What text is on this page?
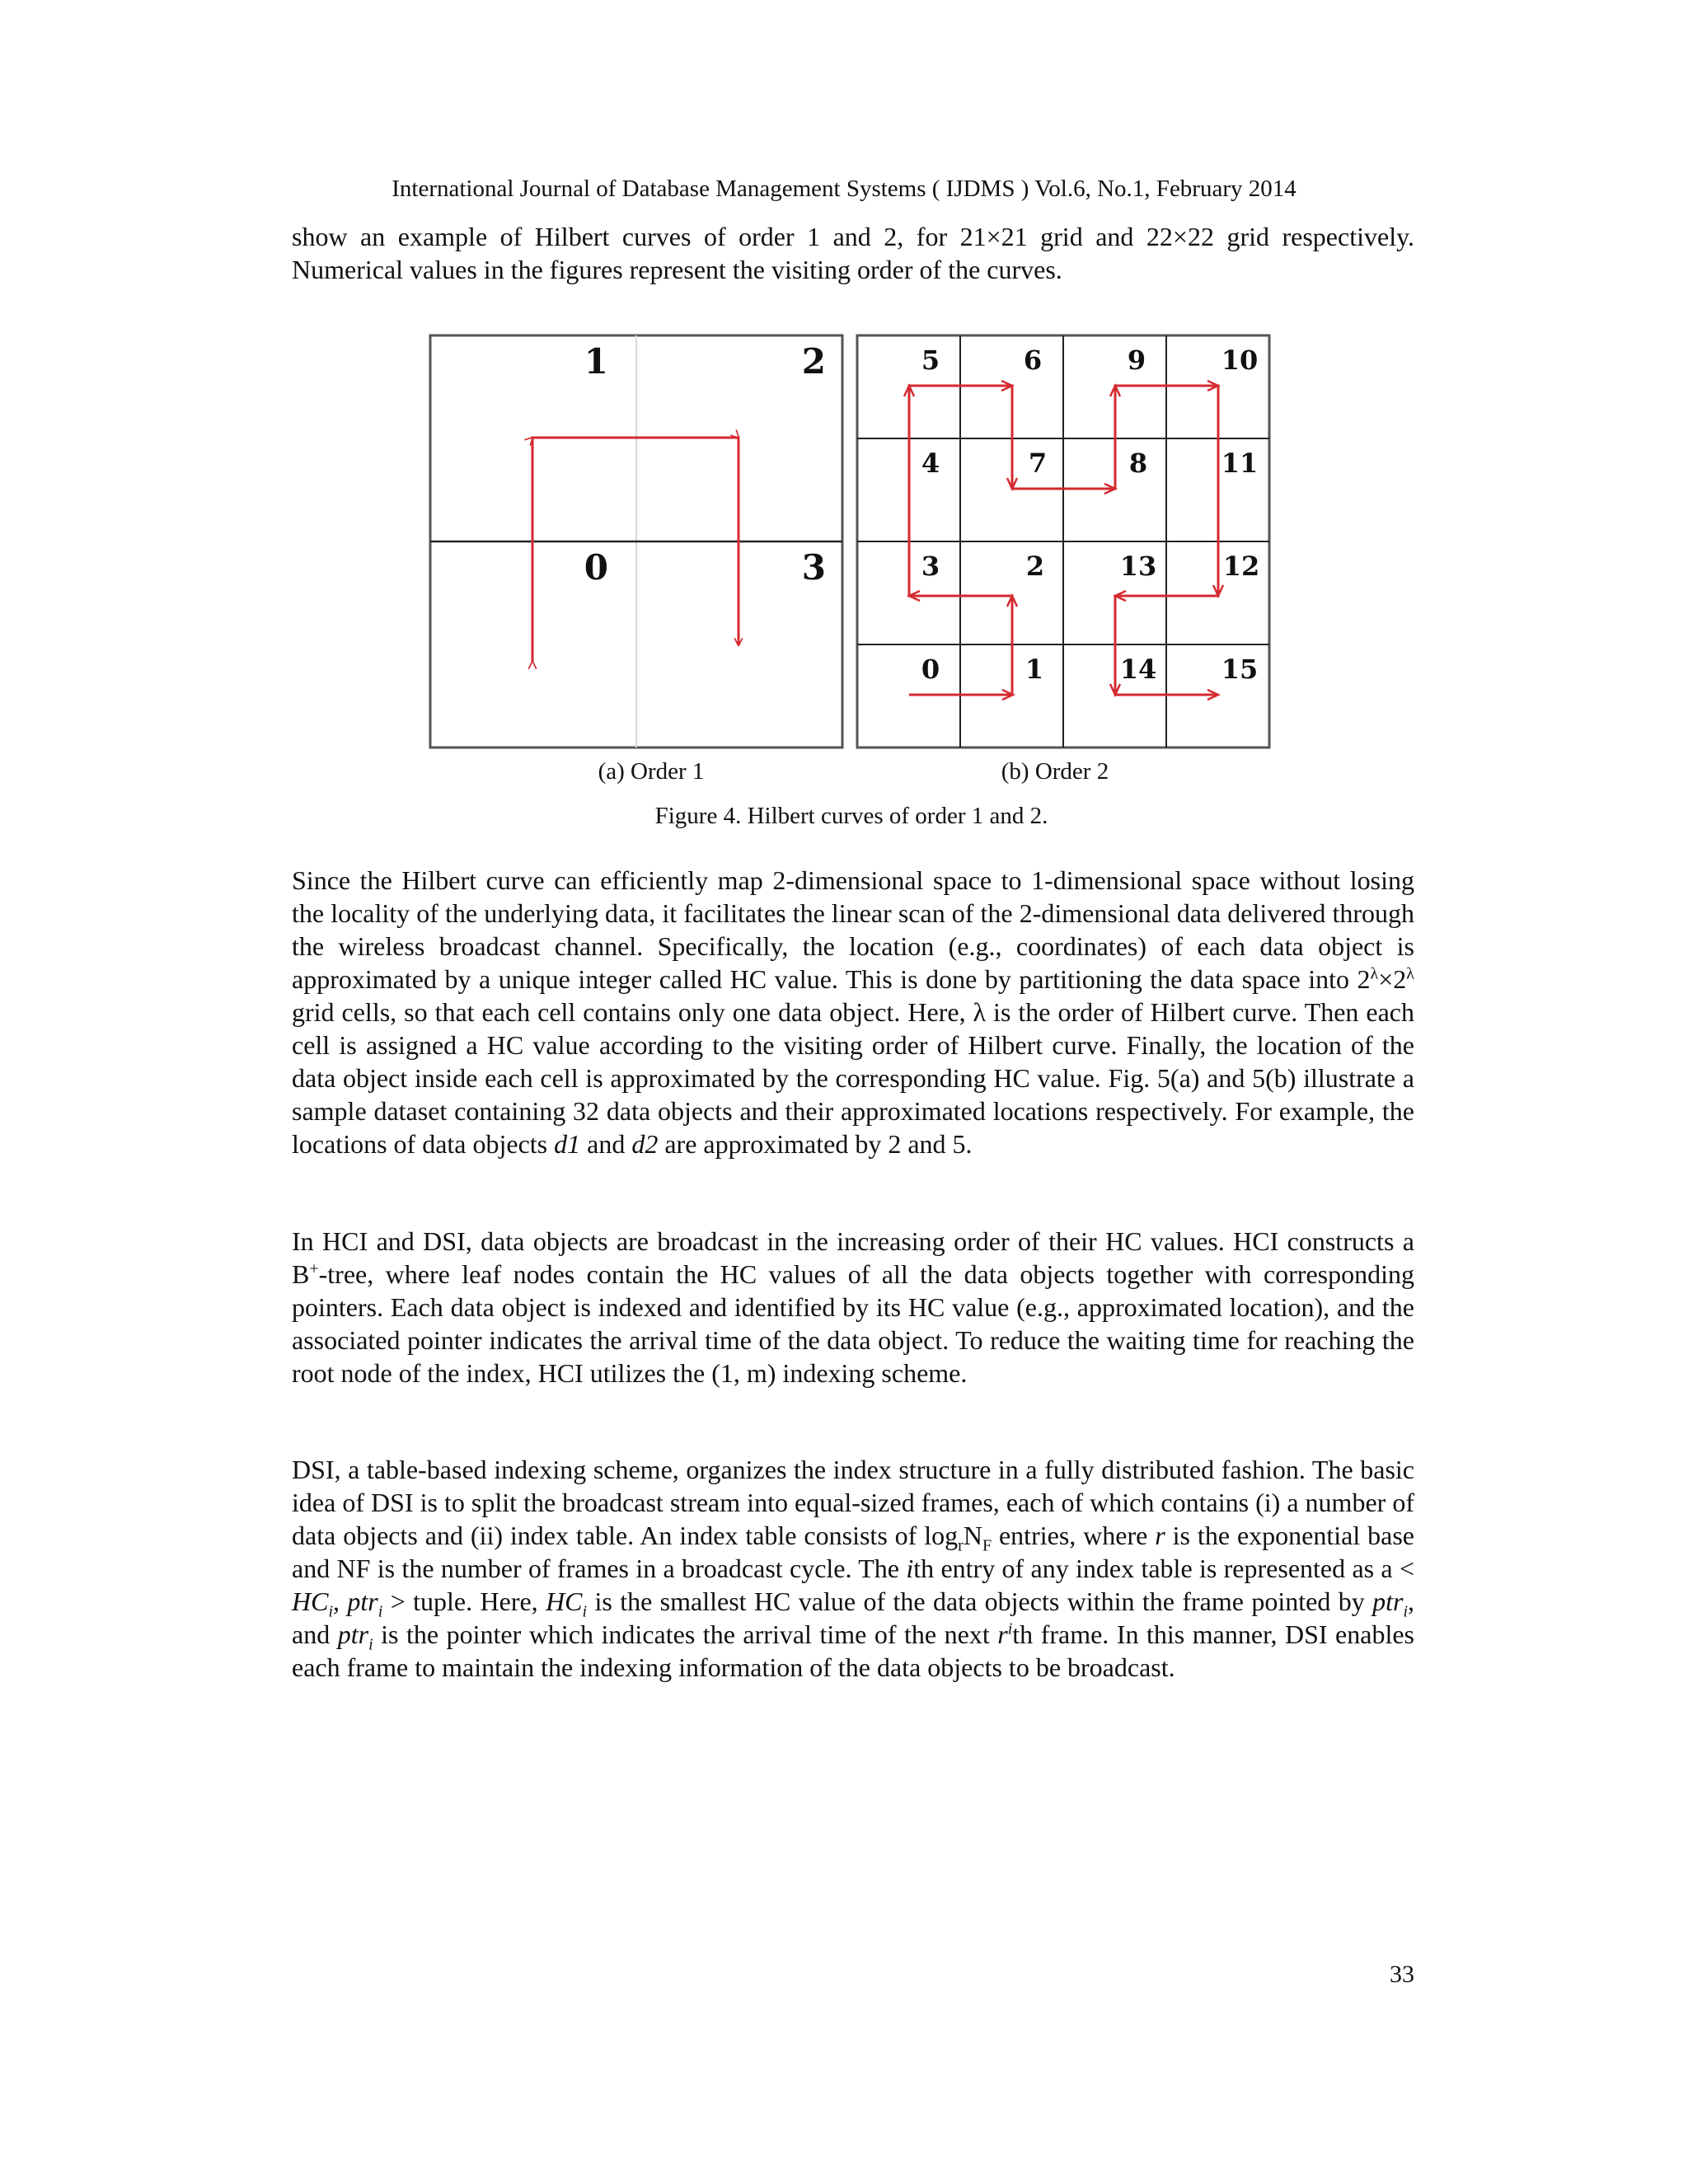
International Journal of Database Management Systems ( IJDMS ) Vol.6, No.1, February 2014
show an example of Hilbert curves of order 1 and 2, for 21×21 grid and 22×22 grid respectively. Numerical values in the figures represent the visiting order of the curves.
1	2
0	3
5	6	9	10
4	7	8	11
3	2	13	12
0	1	14 15
(a) Order 1	(b) Order 2
Figure 4. Hilbert curves of order 1 and 2.
Since the Hilbert curve can efficiently map 2-dimensional space to 1-dimensional space without losing the locality of the underlying data, it facilitates the linear scan of the 2-dimensional data delivered through the wireless broadcast channel. Specifically, the location (e.g., coordinates) of each data object is approximated by a unique integer called HC value. This is done by partitioning the data space into $2^\lambda\times 2^\lambda$ grid cells, so that each cell contains only one data object. Here, λ is the order of Hilbert curve. Then each cell is assigned a HC value according to the visiting order of Hilbert curve. Finally, the location of the data object inside each cell is approximated by the corresponding HC value. Fig. 5(a) and 5(b) illustrate a sample dataset containing 32 data objects and their approximated locations respectively. For example, the locations of data objects d1 and d2 are approximated by 2 and 5.
In HCI and DSI, data objects are broadcast in the increasing order of their HC values. HCI constructs a B+-tree, where leaf nodes contain the HC values of all the data objects together with corresponding pointers. Each data object is indexed and identified by its HC value (e.g., approximated location), and the associated pointer indicates the arrival time of the data object. To reduce the waiting time for reaching the root node of the index, HCI utilizes the (1, m) indexing scheme.
DSI, a table-based indexing scheme, organizes the index structure in a fully distributed fashion. The basic idea of DSI is to split the broadcast stream into equal-sized frames, each of which contains (i) a number of data objects and (ii) index table. An index table consists of $\log_rN_F$ entries, where r is the exponential base and NF is the number of frames in a broadcast cycle. The ith entry of any index table is represented as $a < HC_i$, ptr$_i$ > tuple. Here, $HC_i$ is the smallest HC value of the data objects within the frame pointed by ptr$_i$, and ptr$_i$ is the pointer which indicates the arrival time of the next $r^ith$ frame. In this manner, DSI enables each frame to maintain the indexing information of the data objects to be broadcast.
33
